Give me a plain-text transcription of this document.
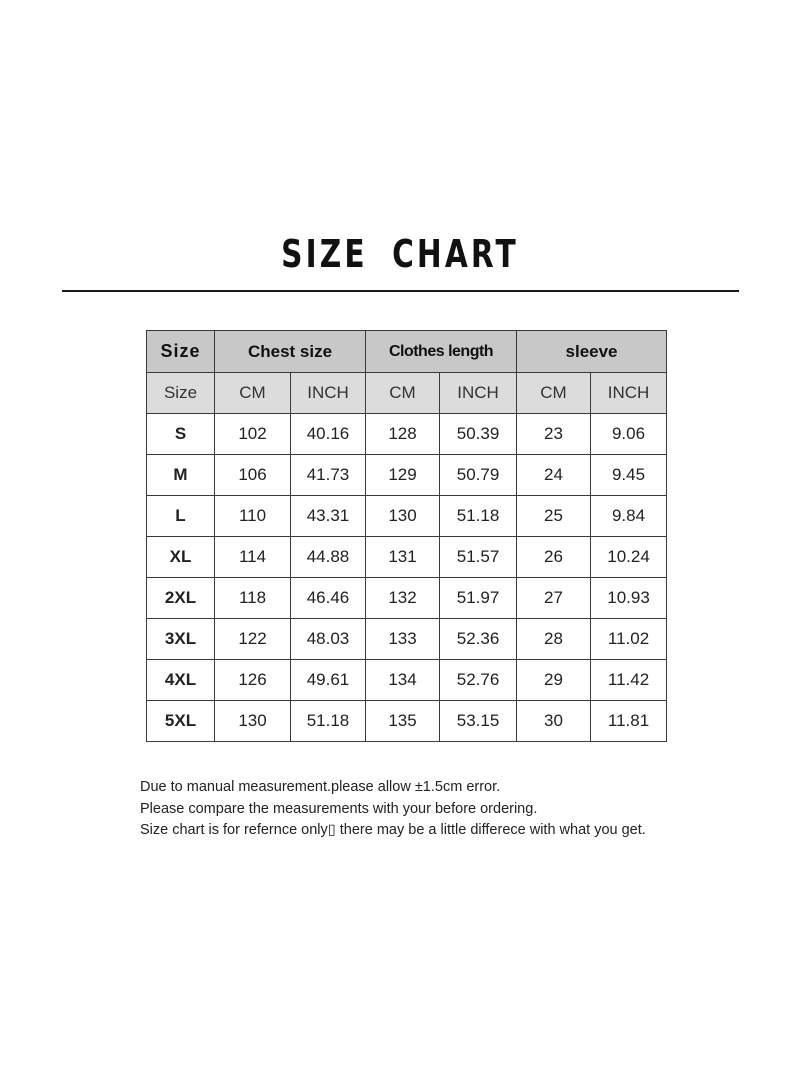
SIZE CHART
Size	Chest size		Clothes length		sleeve	
Size	CM	INCH	CM	INCH	CM	INCH
S	102	40.16	128	50.39	23	9.06
M	106	41.73	129	50.79	24	9.45
L	110	43.31	130	51.18	25	9.84
XL	114	44.88	131	51.57	26	10.24
2XL	118	46.46	132	51.97	27	10.93
3XL	122	48.03	133	52.36	28	11.02
4XL	126	49.61	134	52.76	29	11.42
5XL	130	51.18	135	53.15	30	11.81
Due to manual measurement.please allow ±1.5cm error.
Please compare the measurements with your before ordering.
Size chart is for refernce only▯ there may be a little differece with what you get.
